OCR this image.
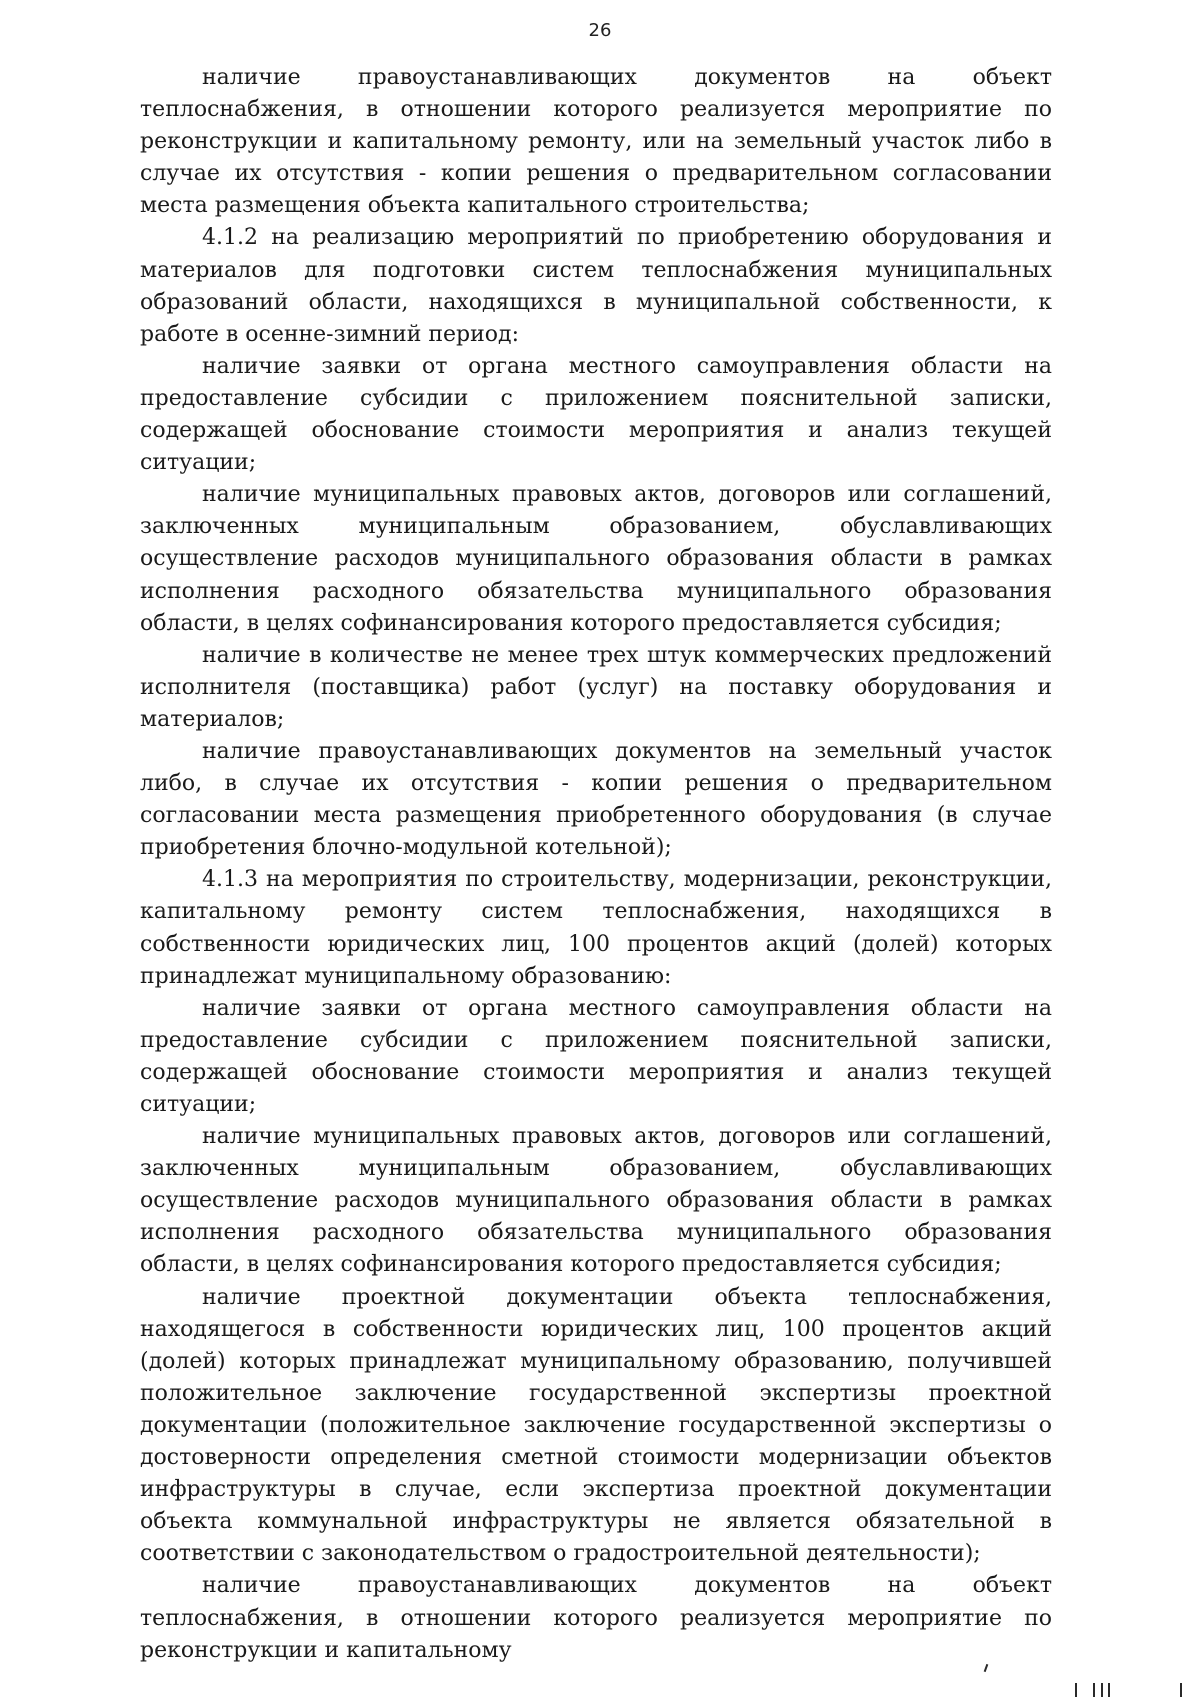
26

наличие правоустанавливающих документов на объект теплоснабжения, в отношении которого реализуется мероприятие по реконструкции и капитальному ремонту, или на земельный участок либо в случае их отсутствия - копии решения о предварительном согласовании места размещения объекта капитального строительства;

4.1.2 на реализацию мероприятий по приобретению оборудования и материалов для подготовки систем теплоснабжения муниципальных образований области, находящихся в муниципальной собственности, к работе в осенне-зимний период:

наличие заявки от органа местного самоуправления области на предоставление субсидии с приложением пояснительной записки, содержащей обоснование стоимости мероприятия и анализ текущей ситуации;

наличие муниципальных правовых актов, договоров или соглашений, заключенных муниципальным образованием, обуславливающих осуществление расходов муниципального образования области в рамках исполнения расходного обязательства муниципального образования области, в целях софинансирования которого предоставляется субсидия;

наличие в количестве не менее трех штук коммерческих предложений исполнителя (поставщика) работ (услуг) на поставку оборудования и материалов;

наличие правоустанавливающих документов на земельный участок либо, в случае их отсутствия - копии решения о предварительном согласовании места размещения приобретенного оборудования (в случае приобретения блочно-модульной котельной);

4.1.3 на мероприятия по строительству, модернизации, реконструкции, капитальному ремонту систем теплоснабжения, находящихся в собственности юридических лиц, 100 процентов акций (долей) которых принадлежат муниципальному образованию:

наличие заявки от органа местного самоуправления области на предоставление субсидии с приложением пояснительной записки, содержащей обоснование стоимости мероприятия и анализ текущей ситуации;

наличие муниципальных правовых актов, договоров или соглашений, заключенных муниципальным образованием, обуславливающих осуществление расходов муниципального образования области в рамках исполнения расходного обязательства муниципального образования области, в целях софинансирования которого предоставляется субсидия;

наличие проектной документации объекта теплоснабжения, находящегося в собственности юридических лиц, 100 процентов акций (долей) которых принадлежат муниципальному образованию, получившей положительное заключение государственной экспертизы проектной документации (положительное заключение государственной экспертизы о достоверности определения сметной стоимости модернизации объектов инфраструктуры в случае, если экспертиза проектной документации объекта коммунальной инфраструктуры не является обязательной в соответствии с законодательством о градостроительной деятельности);

наличие правоустанавливающих документов на объект теплоснабжения, в отношении которого реализуется мероприятие по реконструкции и капитальному
